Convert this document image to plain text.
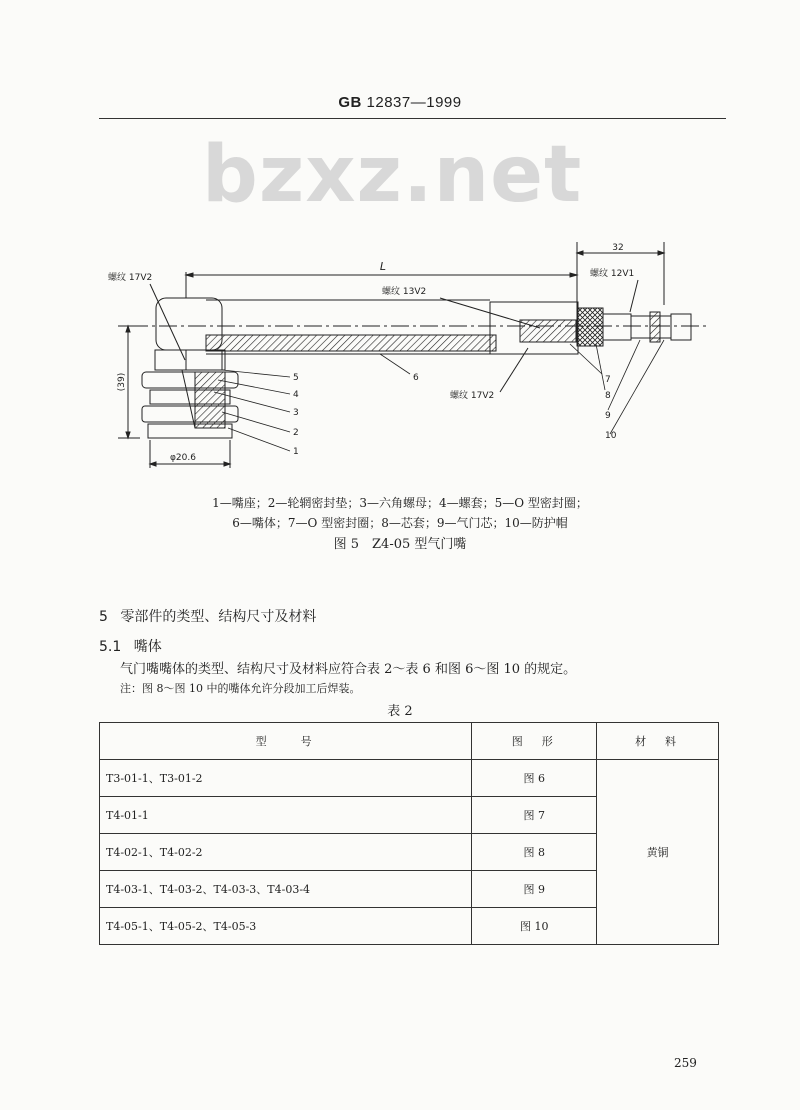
GB 12837—1999
bzxz.net
32
L
螺纹 17V2
螺纹 13V2
螺纹 12V1
螺纹 17V2
(39)
φ20.6
5
4
3
2
1
6	7
8
9
10
1—嘴座；2—轮辋密封垫；3—六角螺母；4—螺套；5—O 型密封圈；
6—嘴体；7—O 型密封圈；8—芯套；9—气门芯；10—防护帽
图 5　Z4-05 型气门嘴
5 零部件的类型、结构尺寸及材料
5.1 嘴体
气门嘴嘴体的类型、结构尺寸及材料应符合表 2～表 6 和图 6～图 10 的规定。
注：图 8～图 10 中的嘴体允许分段加工后焊装。
表 2
型　　号	图　形	材　料
T3-01-1、T3-01-2	图 6	黄铜
T4-01-1	图 7	
T4-02-1、T4-02-2	图 8	
T4-03-1、T4-03-2、T4-03-3、T4-03-4	图 9	
T4-05-1、T4-05-2、T4-05-3	图 10	
259
